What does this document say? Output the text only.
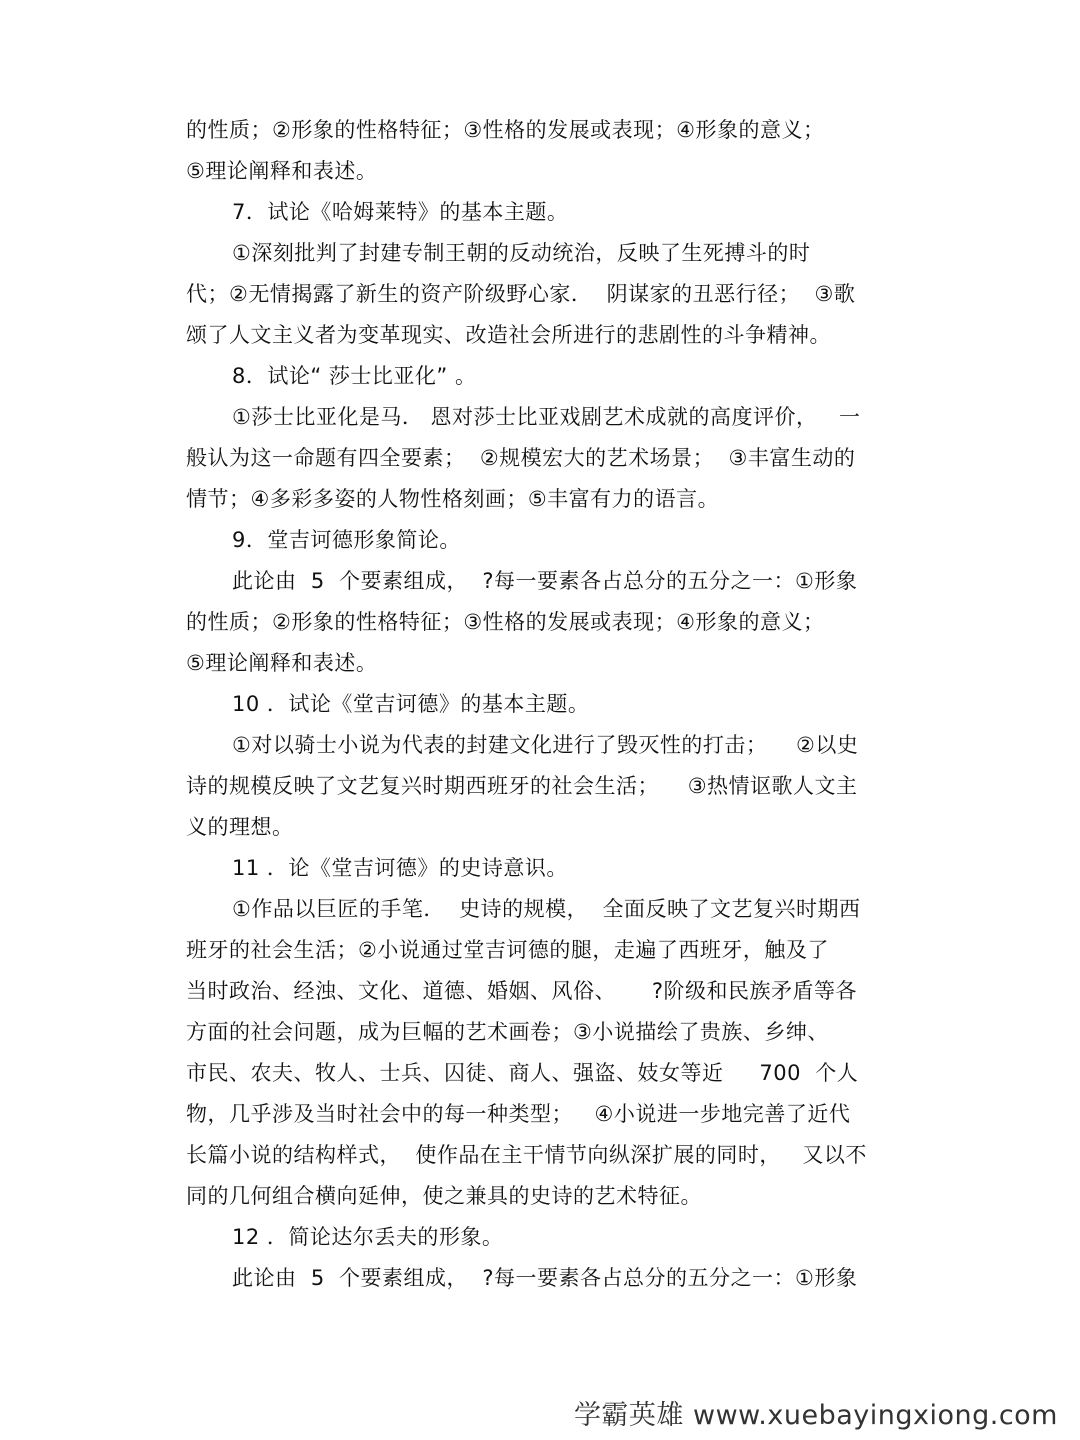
的性质；②形象的性格特征；③性格的发展或表现；④形象的意义；
⑤理论阐释和表述。
7．试论《哈姆莱特》的基本主题。
①深刻批判了封建专制王朝的反动统治，反映了生死搏斗的时
代；②无情揭露了新生的资产阶级野心家．  阴谋家的丑恶行径；  ③歌
颂了人文主义者为变革现实、改造社会所进行的悲剧性的斗争精神。
8．试论“ 莎士比亚化” 。
①莎士比亚化是马． 恩对莎士比亚戏剧艺术成就的高度评价，   一
般认为这一命题有四全要素；  ②规模宏大的艺术场景；  ③丰富生动的
情节；④多彩多姿的人物性格刻画；⑤丰富有力的语言。
9．堂吉诃德形象简论。
此论由  5  个要素组成，  ?每一要素各占总分的五分之一：①形象
的性质；②形象的性格特征；③性格的发展或表现；④形象的意义；
⑤理论阐释和表述。
10 ．试论《堂吉诃德》的基本主题。
①对以骑士小说为代表的封建文化进行了毁灭性的打击；    ②以史
诗的规模反映了文艺复兴时期西班牙的社会生活；    ③热情讴歌人文主
义的理想。
11 ．论《堂吉诃德》的史诗意识。
①作品以巨匠的手笔．  史诗的规模，  全面反映了文艺复兴时期西
班牙的社会生活；②小说通过堂吉诃德的腿，走遍了西班牙，触及了
当时政治、经浊、文化、道德、婚姻、风俗、     ?阶级和民族矛盾等各
方面的社会问题，成为巨幅的艺术画卷；③小说描绘了贵族、乡绅、
市民、农夫、牧人、士兵、囚徒、商人、强盗、妓女等近     700  个人
物，几乎涉及当时社会中的每一种类型；   ④小说进一步地完善了近代
长篇小说的结构样式，  使作品在主干情节向纵深扩展的同时，   又以不
同的几何组合横向延伸，使之兼具的史诗的艺术特征。
12 ．简论达尔丢夫的形象。
此论由  5  个要素组成，  ?每一要素各占总分的五分之一：①形象
学霸英雄 www.xuebayingxiong.com
